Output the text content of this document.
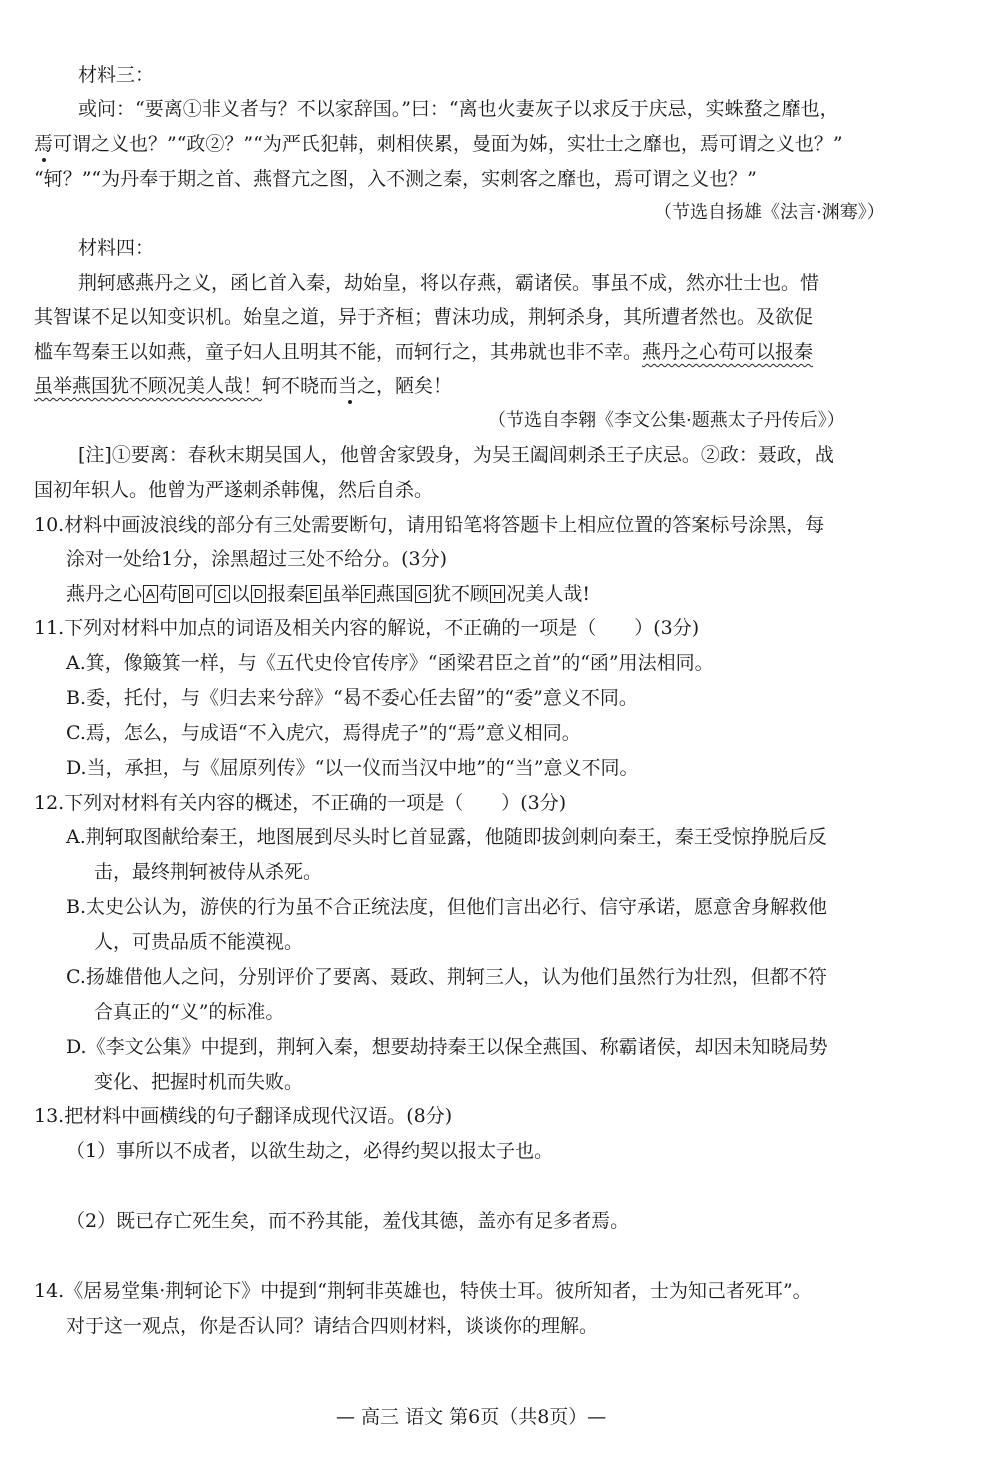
材料三：
或问：“要离①非义者与？不以家辞国。”曰：“离也火妻灰子以求反于庆忌，实蛛蝥之靡也，
焉可谓之义也？”“政②？”“为严氏犯韩，刺相侠累，曼面为姊，实壮士之靡也，焉可谓之义也？”
“轲？”“为丹奉于期之首、燕督亢之图，入不测之秦，实刺客之靡也，焉可谓之义也？”
（节选自扬雄《法言·渊骞》）
材料四：
荆轲感燕丹之义，函匕首入秦，劫始皇，将以存燕，霸诸侯。事虽不成，然亦壮士也。惜
其智谋不足以知变识机。始皇之道，异于齐桓；曹沫功成，荆轲杀身，其所遭者然也。及欲促
槛车驾秦王以如燕，童子妇人且明其不能，而轲行之，其弗就也非不幸。燕丹之心苟可以报秦
虽举燕国犹不顾况美人哉！轲不晓而当之，陋矣！
（节选自李翱《李文公集·题燕太子丹传后》）
[注]①要离：春秋末期吴国人，他曾舍家毁身，为吴王阖闾刺杀王子庆忌。②政：聂政，战
国初年轵人。他曾为严遂刺杀韩傀，然后自杀。
10.材料中画波浪线的部分有三处需要断句，请用铅笔将答题卡上相应位置的答案标号涂黑，每
涂对一处给1分，涂黑超过三处不给分。(3分)
燕丹之心 A 苟 B 可 C 以 D 报秦 E 虽举 F 燕国 G 犹不顾 H 况美人哉!
11.下列对材料中加点的词语及相关内容的解说，不正确的一项是（　　）(3分)
A.箕，像簸箕一样，与《五代史伶官传序》“函梁君臣之首”的“函”用法相同。
B.委，托付，与《归去来兮辞》“曷不委心任去留”的“委”意义不同。
C.焉，怎么，与成语“不入虎穴，焉得虎子”的“焉”意义相同。
D.当，承担，与《屈原列传》“以一仪而当汉中地”的“当”意义不同。
12.下列对材料有关内容的概述，不正确的一项是（　　）(3分)
A.荆轲取图献给秦王，地图展到尽头时匕首显露，他随即拔剑刺向秦王，秦王受惊挣脱后反
击，最终荆轲被侍从杀死。
B.太史公认为，游侠的行为虽不合正统法度，但他们言出必行、信守承诺，愿意舍身解救他
人，可贵品质不能漠视。
C.扬雄借他人之问，分别评价了要离、聂政、荆轲三人，认为他们虽然行为壮烈，但都不符
合真正的“义”的标准。
D.《李文公集》中提到，荆轲入秦，想要劫持秦王以保全燕国、称霸诸侯，却因未知晓局势
变化、把握时机而失败。
13.把材料中画横线的句子翻译成现代汉语。(8分)
（1）事所以不成者，以欲生劫之，必得约契以报太子也。
（2）既已存亡死生矣，而不矜其能，羞伐其德，盖亦有足多者焉。
14.《居易堂集·荆轲论下》中提到“荆轲非英雄也，特侠士耳。彼所知者，士为知己者死耳”。
对于这一观点，你是否认同？请结合四则材料，谈谈你的理解。
— 高三 语文 第6页（共8页）—
